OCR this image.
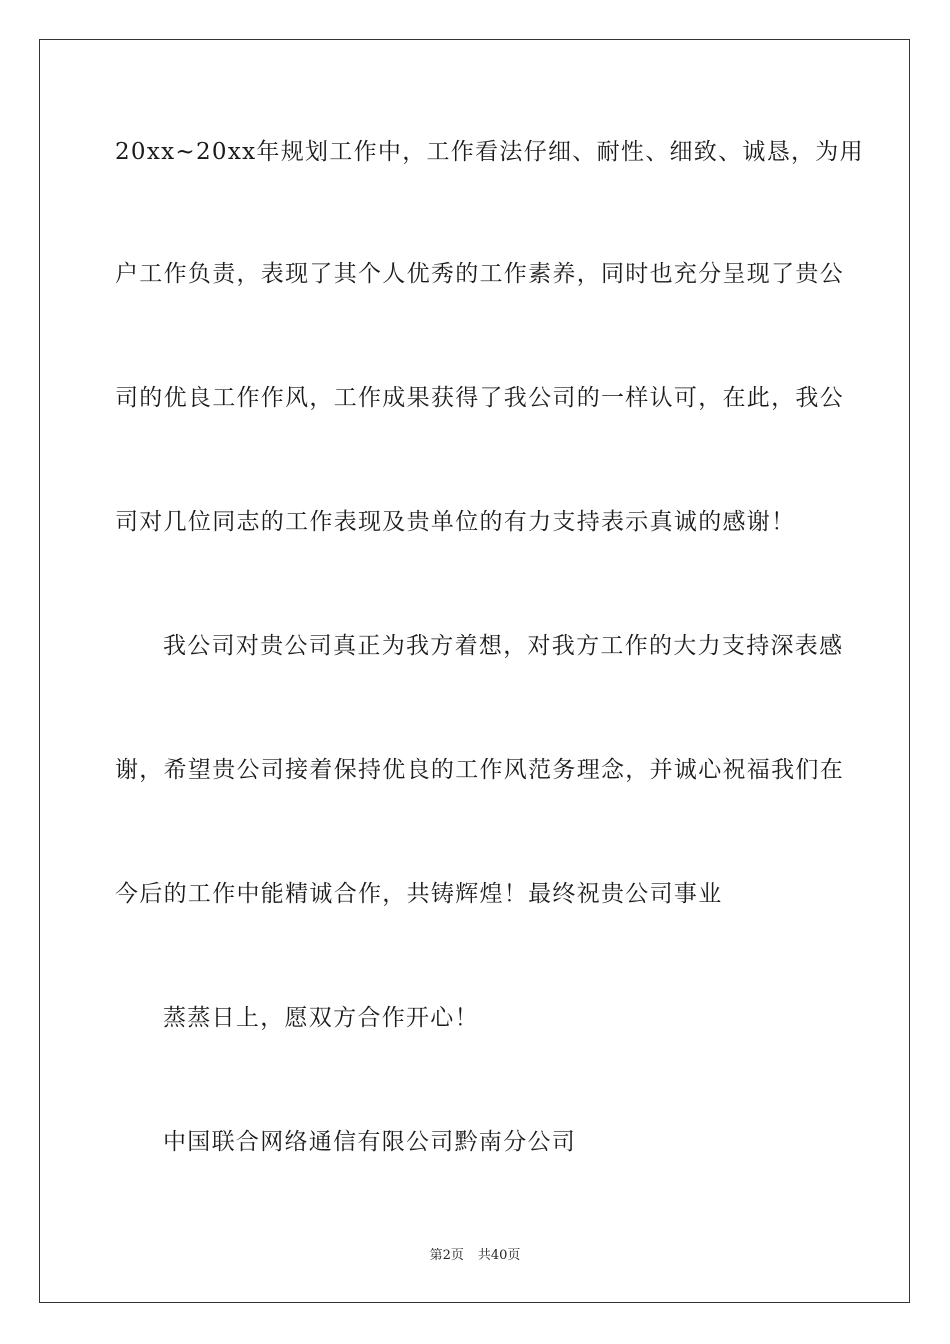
20xx~20xx年规划工作中，工作看法仔细、耐性、细致、诚恳，为用
户工作负责，表现了其个人优秀的工作素养，同时也充分呈现了贵公
司的优良工作作风，工作成果获得了我公司的一样认可，在此，我公
司对几位同志的工作表现及贵单位的有力支持表示真诚的感谢！
我公司对贵公司真正为我方着想，对我方工作的大力支持深表感
谢，希望贵公司接着保持优良的工作风范务理念，并诚心祝福我们在
今后的工作中能精诚合作，共铸辉煌！最终祝贵公司事业
蒸蒸日上，愿双方合作开心！
中国联合网络通信有限公司黔南分公司
第2页 共40页
